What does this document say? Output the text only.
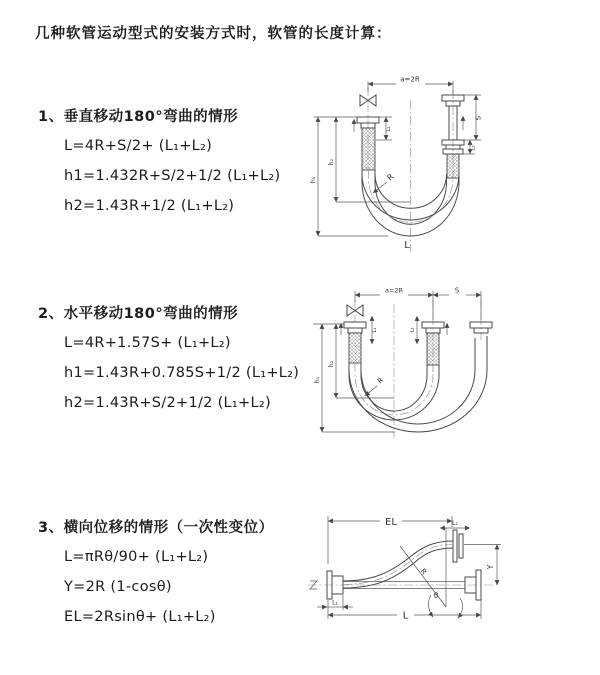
几种软管运动型式的安装方式时，软管的长度计算：
1、垂直移动180°弯曲的情形
L=4R+S/2+ (L₁+L₂)
h1=1.432R+S/2+1/2 (L₁+L₂)
h2=1.43R+1/2 (L₁+L₂)
a=2R
h₁
h₂
L₁
S
L₂
R
L
2、水平移动180°弯曲的情形
L=4R+1.57S+ (L₁+L₂)
h1=1.43R+0.785S+1/2 (L₁+L₂)
h2=1.43R+S/2+1/2 (L₁+L₂)
a=2R	S
h₁
h₂
L₁	L₂
R
3、横向位移的情形（一次性变位）
L=πRθ/90+ (L₁+L₂)
Y=2R (1-cosθ)
EL=2Rsinθ+ (L₁+L₂)
EL	L₂
Y
R
θ
L
L₁
